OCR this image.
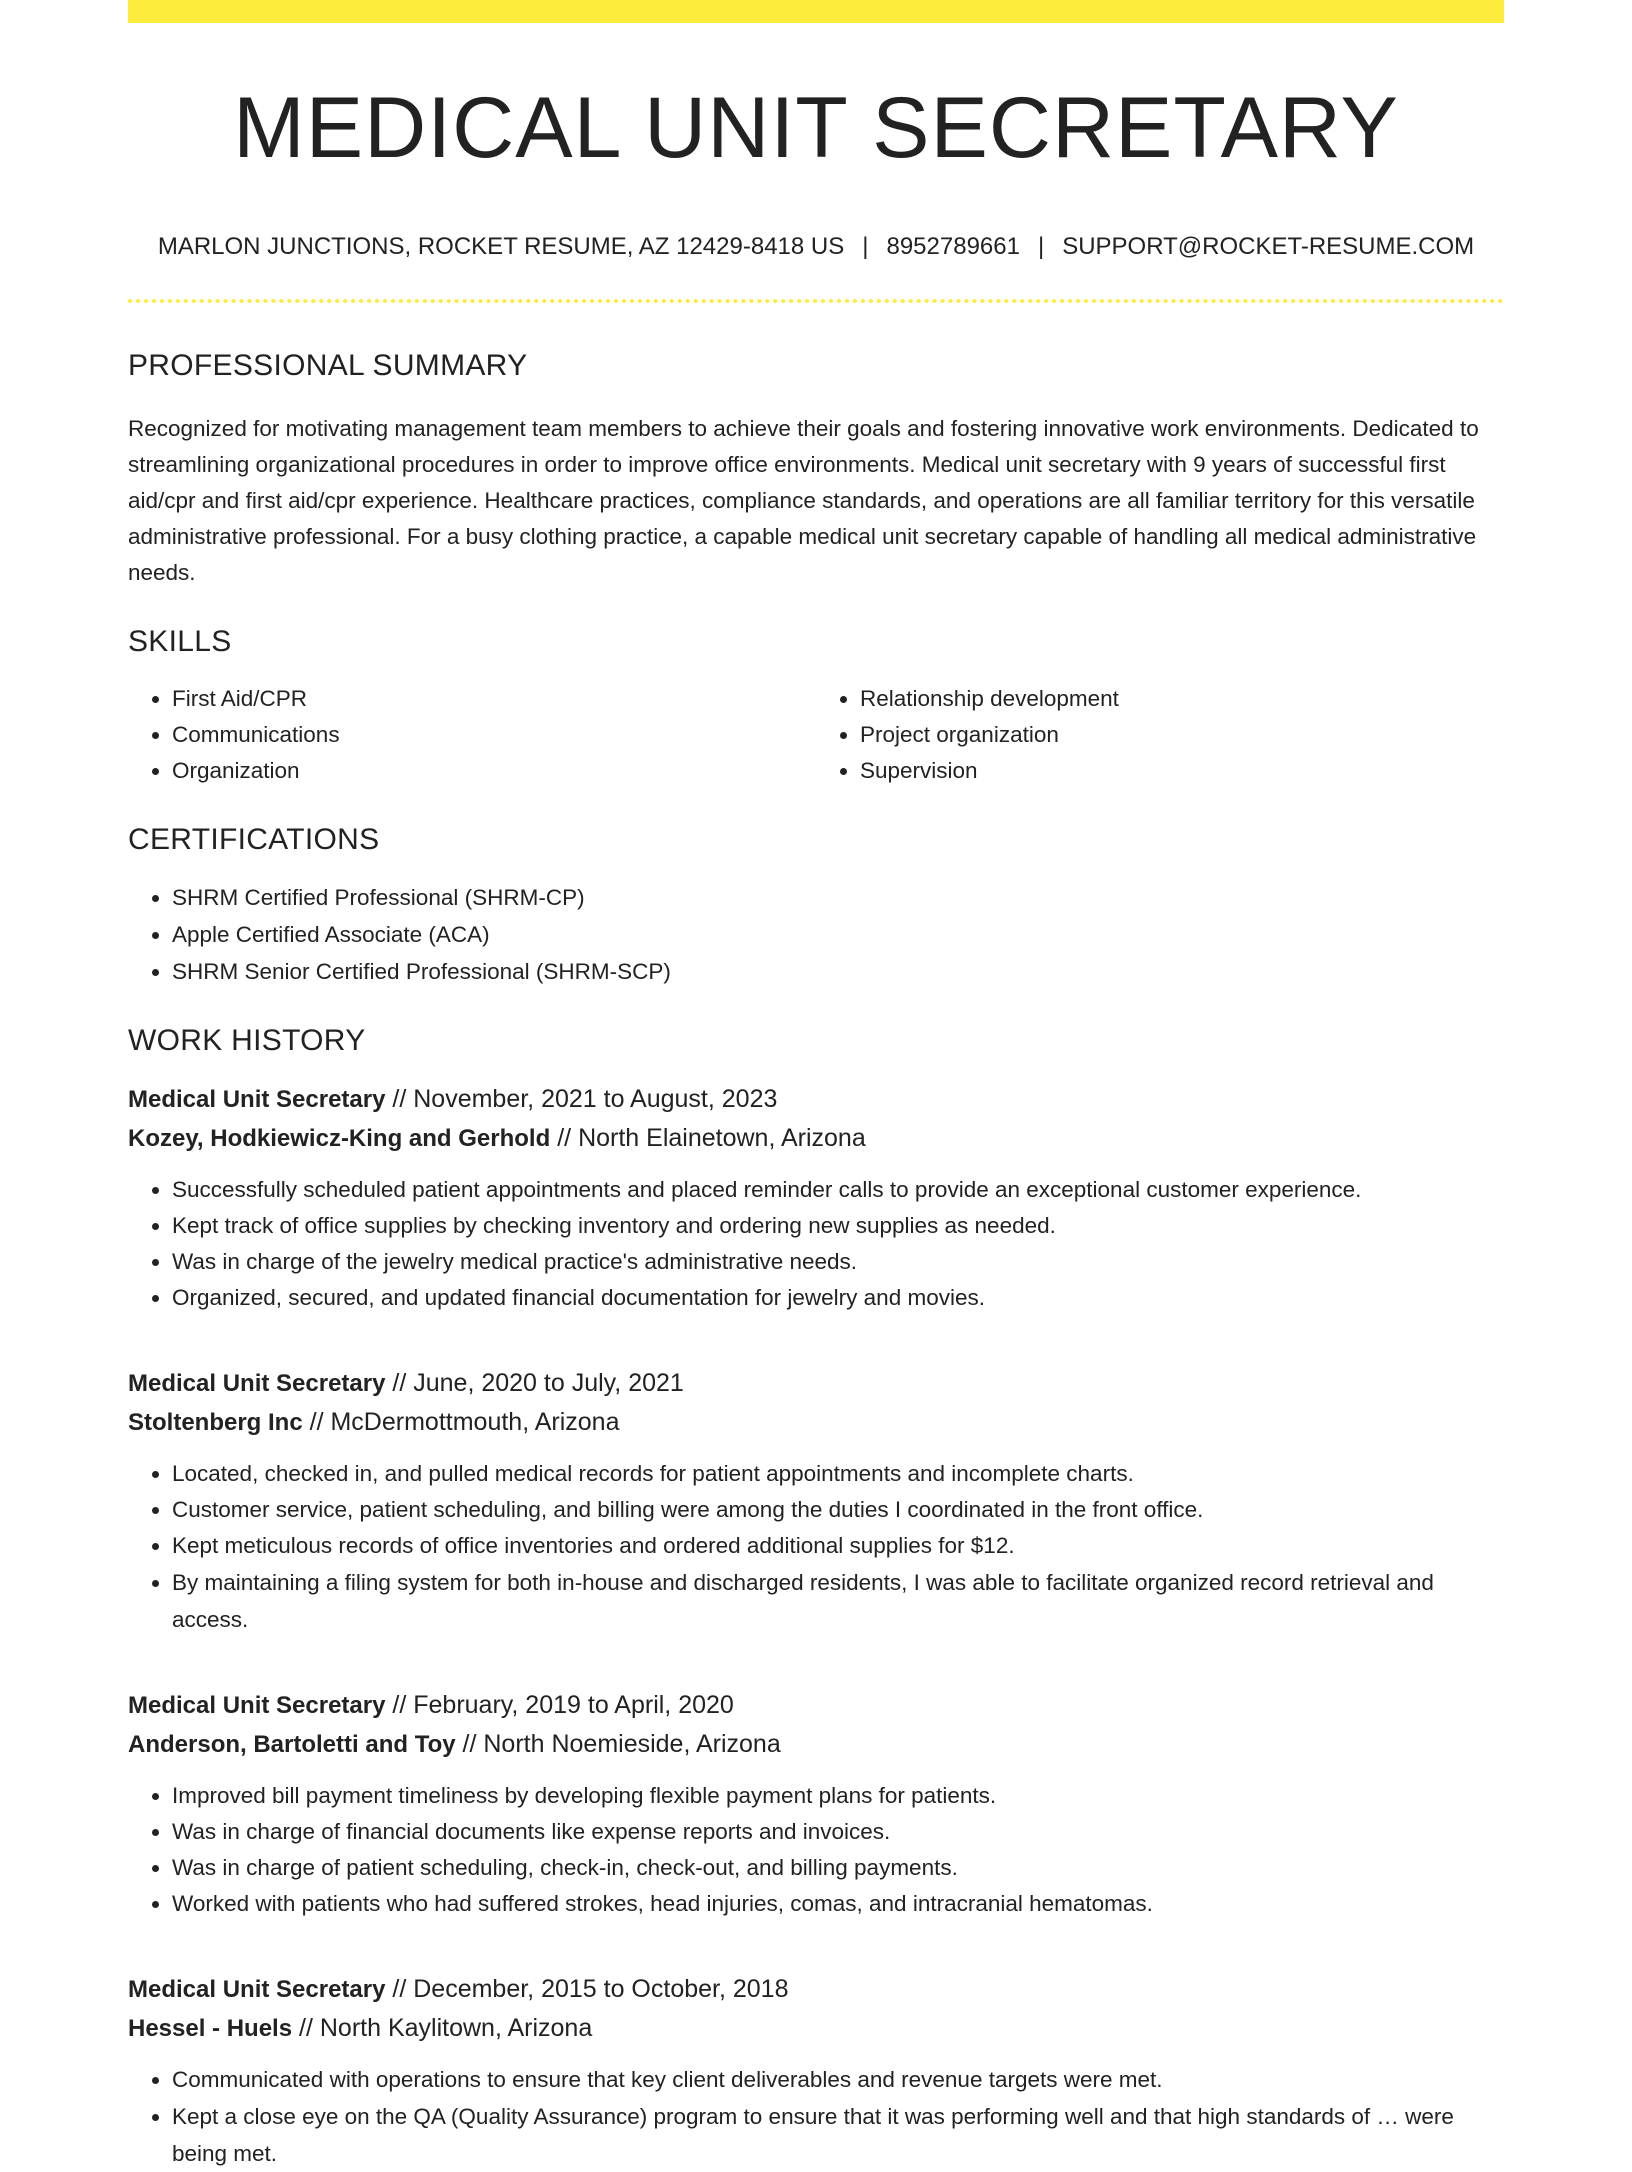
MEDICAL UNIT SECRETARY
MARLON JUNCTIONS, ROCKET RESUME, AZ 12429-8418 US | 8952789661 | SUPPORT@ROCKET-RESUME.COM
PROFESSIONAL SUMMARY

Recognized for motivating management team members to achieve their goals and fostering innovative work environments. Dedicated to streamlining organizational procedures in order to improve office environments. Medical unit secretary with 9 years of successful first aid/cpr and first aid/cpr experience. Healthcare practices, compliance standards, and operations are all familiar territory for this versatile administrative professional. For a busy clothing practice, a capable medical unit secretary capable of handling all medical administrative needs.

SKILLS
• First Aid/CPR
• Communications
• Organization
• Relationship development
• Project organization
• Supervision
CERTIFICATIONS
• SHRM Certified Professional (SHRM-CP)
• Apple Certified Associate (ACA)
• SHRM Senior Certified Professional (SHRM-SCP)
WORK HISTORY
Medical Unit Secretary // November, 2021 to August, 2023
Kozey, Hodkiewicz-King and Gerhold // North Elainetown, Arizona
• Successfully scheduled patient appointments and placed reminder calls to provide an exceptional customer experience.
• Kept track of office supplies by checking inventory and ordering new supplies as needed.
• Was in charge of the jewelry medical practice's administrative needs.
• Organized, secured, and updated financial documentation for jewelry and movies.
Medical Unit Secretary // June, 2020 to July, 2021
Stoltenberg Inc // McDermottmouth, Arizona
• Located, checked in, and pulled medical records for patient appointments and incomplete charts.
• Customer service, patient scheduling, and billing were among the duties I coordinated in the front office.
• Kept meticulous records of office inventories and ordered additional supplies for $12.
• By maintaining a filing system for both in-house and discharged residents, I was able to facilitate organized record retrieval and access.
Medical Unit Secretary // February, 2019 to April, 2020
Anderson, Bartoletti and Toy // North Noemieside, Arizona
• Improved bill payment timeliness by developing flexible payment plans for patients.
• Was in charge of financial documents like expense reports and invoices.
• Was in charge of patient scheduling, check-in, check-out, and billing payments.
• Worked with patients who had suffered strokes, head injuries, comas, and intracranial hematomas.
Medical Unit Secretary // December, 2015 to October, 2018
Hessel - Huels // North Kaylitown, Arizona
• Communicated with operations to ensure that key client deliverables and revenue targets were met.
• Kept a close eye on the QA (Quality Assurance) program to ensure that it was performing well and that high standards of … were being met.
